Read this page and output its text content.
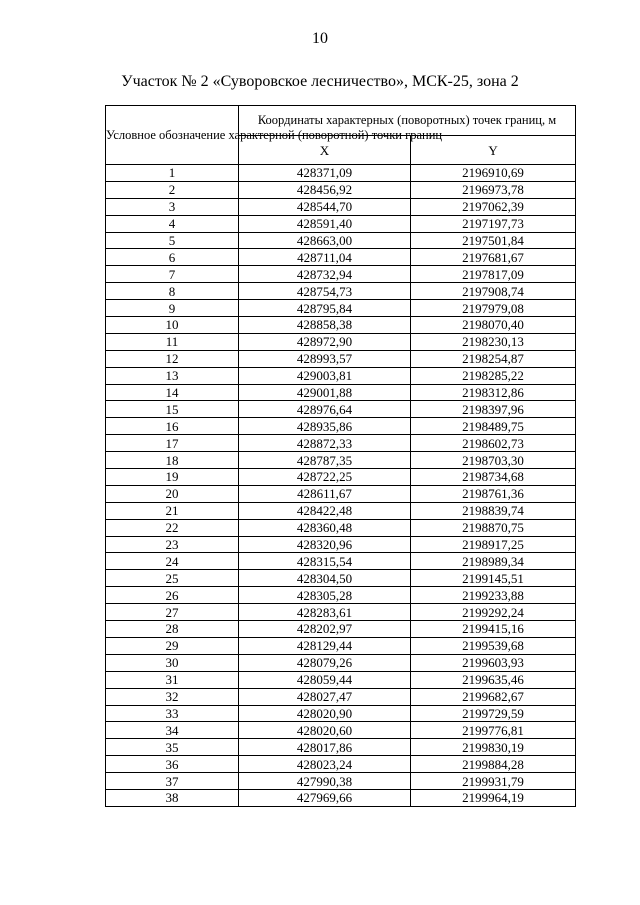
10
Участок № 2 «Суворовское лесничество», МСК-25, зона 2
Условное обозначение характерной (поворотной) точки границ	Координаты характерных (поворотных) точек границ, м	
	X	Y
1	428371,09	2196910,69
2	428456,92	2196973,78
3	428544,70	2197062,39
4	428591,40	2197197,73
5	428663,00	2197501,84
6	428711,04	2197681,67
7	428732,94	2197817,09
8	428754,73	2197908,74
9	428795,84	2197979,08
10	428858,38	2198070,40
11	428972,90	2198230,13
12	428993,57	2198254,87
13	429003,81	2198285,22
14	429001,88	2198312,86
15	428976,64	2198397,96
16	428935,86	2198489,75
17	428872,33	2198602,73
18	428787,35	2198703,30
19	428722,25	2198734,68
20	428611,67	2198761,36
21	428422,48	2198839,74
22	428360,48	2198870,75
23	428320,96	2198917,25
24	428315,54	2198989,34
25	428304,50	2199145,51
26	428305,28	2199233,88
27	428283,61	2199292,24
28	428202,97	2199415,16
29	428129,44	2199539,68
30	428079,26	2199603,93
31	428059,44	2199635,46
32	428027,47	2199682,67
33	428020,90	2199729,59
34	428020,60	2199776,81
35	428017,86	2199830,19
36	428023,24	2199884,28
37	427990,38	2199931,79
38	427969,66	2199964,19
